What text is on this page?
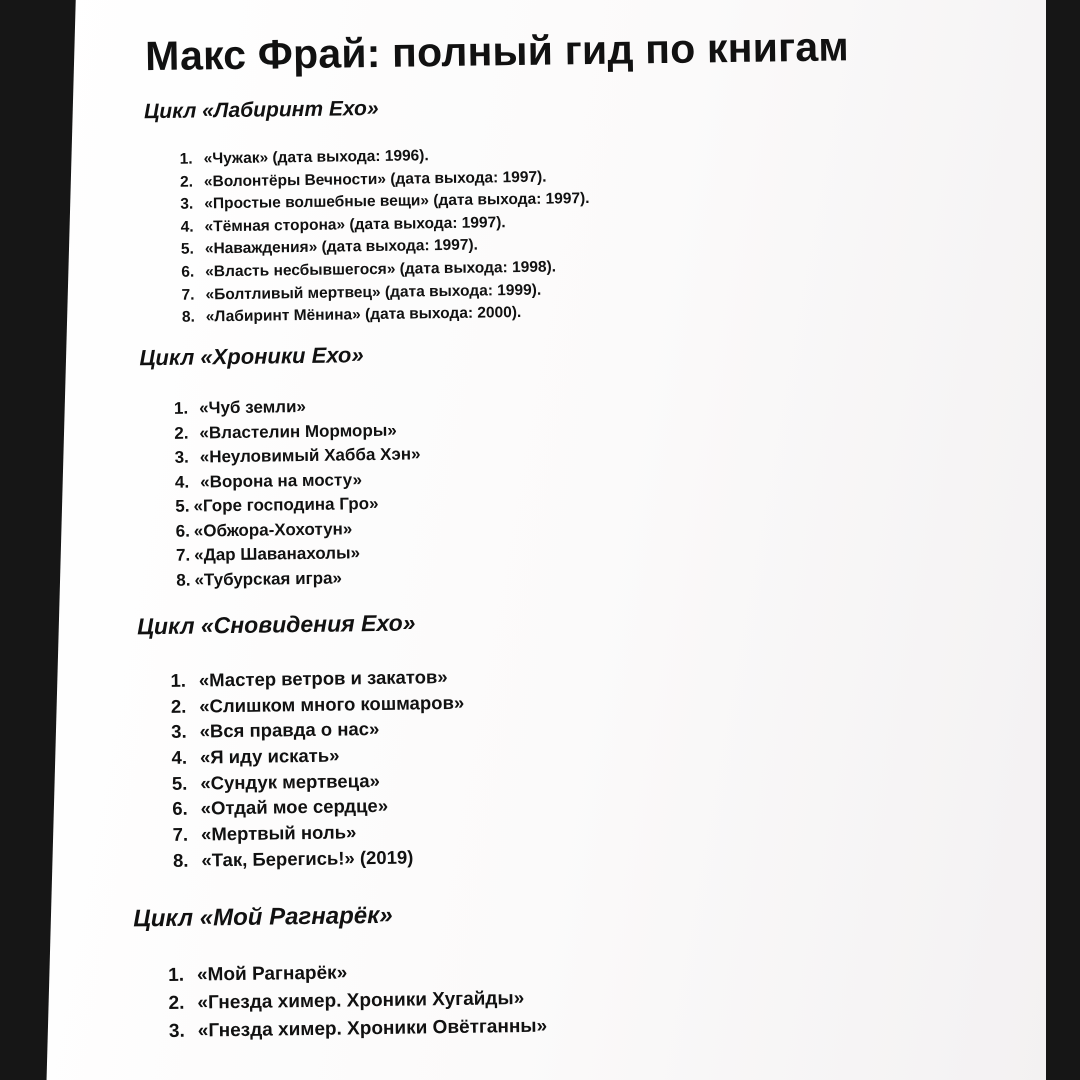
Макс Фрай: полный гид по книгам
Цикл «Лабиринт Ехо»
1. «Чужак» (дата выхода: 1996).
2. «Волонтёры Вечности» (дата выхода: 1997).
3. «Простые волшебные вещи» (дата выхода: 1997).
4. «Тёмная сторона» (дата выхода: 1997).
5. «Наваждения» (дата выхода: 1997).
6. «Власть несбывшегося» (дата выхода: 1998).
7. «Болтливый мертвец» (дата выхода: 1999).
8. «Лабиринт Мёнина» (дата выхода: 2000).
Цикл «Хроники Ехо»
1. «Чуб земли»
2. «Властелин Морморы»
3. «Неуловимый Хабба Хэн»
4. «Ворона на мосту»
5. «Горе господина Гро»
6. «Обжора-Хохотун»
7. «Дар Шаванахолы»
8. «Тубурская игра»
Цикл «Сновидения Ехо»
1. «Мастер ветров и закатов»
2. «Слишком много кошмаров»
3. «Вся правда о нас»
4. «Я иду искать»
5. «Сундук мертвеца»
6. «Отдай мое сердце»
7. «Мертвый ноль»
8. «Так, Берегись!» (2019)
Цикл «Мой Рагнарёк»
1. «Мой Рагнарёк»
2. «Гнезда химер. Хроники Хугайды»
3. «Гнезда химер. Хроники Овётганны»
